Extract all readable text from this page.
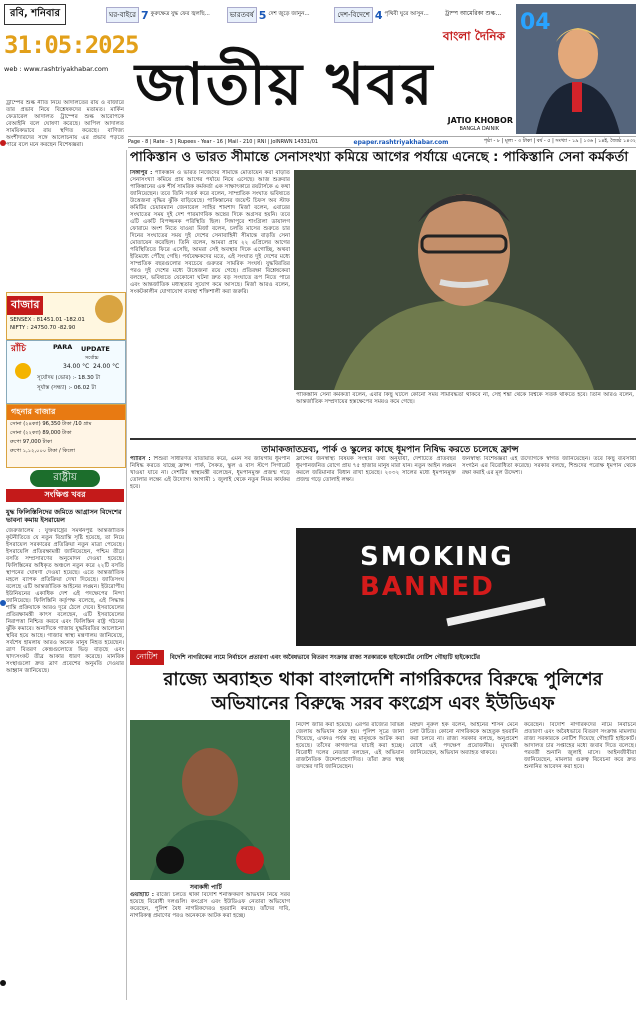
রবি, শনিবার
31:05:2025
web : www.rashtriyakhabar.com
ঘর-বাইরে 7 কুরুক্ষেত্র যুদ্ধ ফের জ্বলছি...	ভারতবর্ষ 5 দেশ জুড়ে জানুন...	দেশ-বিদেশে 4 পৃথিবী ঘুরে আসুন...	ট্রাম্প আমেরিকা শুল্ক...
বাংলা দৈনিক
জাতীয় খবর
JATIO KHOBOR
BANGLA DAINIK
04
Page - 8 | Rate - 3 | Rupees - Year - 16 | Mail - 210 | RNI | JoINRWN 14331/01	epaper.rashtriyakhabar.com	পৃষ্ঠা - ৮ | মূল্য - ৩ টাকা | বর্ষ - ৫ | সংখ্যা - ১৯ | ১৩৬ | ১৪ই, জ্যৈষ্ঠ ১৪৩২
ট্রাম্পের শুল্ক নীতি নিয়ে আদালতের রায় ও বাজারে তার প্রভাব নিয়ে বিশ্লেষকদের মতামত। মার্কিন ফেডারেল আদালত ট্রাম্পের শুল্ক আরোপকে বেআইনি বলে ঘোষণা করেছে। আপিল আদালত সাময়িকভাবে রায় স্থগিত করেছে। বাণিজ্য অংশীদারদের সঙ্গে আলোচনায় এর প্রভাব পড়তে পারে বলে মনে করছেন বিশেষজ্ঞরা।
বাজার
SENSEX : 81451.01 -182.01
NIFTY : 24750.70 -82.90
রাঁচি	PARA UPDATE
সর্বোচ্চ
34.00 °C 24.00 °C
সূর্যোদয় (ভোর) :- 18.30 টা
সূর্যাস্ত (সন্ধ্যা) :- 06.02 টা
গহনার বাজার
সোনা (২৪ক্যা) 96,350 টাকা /10 গ্রাম
সোনা (২২ক্যা) 89,000 টাকা
রুপো 97,000 টাকা
রুপো ১,১২,০০০ টাকা / কিলো
রাষ্ট্রীয়
সংক্ষিপ্ত খবর
যুদ্ধ ফিলিস্তিনিদের জমিতে আগ্রাসন বিদেশের ভাবনা কমায় ইসরায়েল
জেরুজালেম : যুক্তরাষ্ট্রের সমর্থনপুষ্ট আন্তর্জাতিক কূটনীতিতে যে নতুন বিভ্রান্তি সৃষ্টি হয়েছে, তা নিয়ে ইসরায়েল সরকারের প্রতিক্রিয়া নতুন মাত্রা পেয়েছে। ইসরায়েলি প্রতিরক্ষামন্ত্রী জানিয়েছেন, পশ্চিম তীরে বসতি সম্প্রসারণের অনুমোদন দেওয়া হয়েছে। ফিলিস্তিনের অধিকৃত অঞ্চলে নতুন করে ২২টি বসতি স্থাপনের ঘোষণা দেওয়া হয়েছে। এতে আন্তর্জাতিক মহলে ব্যাপক প্রতিক্রিয়া দেখা দিয়েছে। জাতিসংঘ বলেছে এটি আন্তর্জাতিক আইনের লঙ্ঘন। ইউরোপীয় ইউনিয়নের একাধিক দেশ এই পদক্ষেপের নিন্দা জানিয়েছে। ফিলিস্তিনি কর্তৃপক্ষ বলেছে, এই সিদ্ধান্ত শান্তি প্রক্রিয়াকে আরও দূরে ঠেলে দেবে। ইসরায়েলের প্রতিরক্ষামন্ত্রী কাৎস বলেছেন, এটি ইসরায়েলের নিরাপত্তা নিশ্চিত করবে এবং ফিলিস্তিন রাষ্ট্র গঠনের ঝুঁকি কমাবে। অন্যদিকে গাজায় যুদ্ধবিরতির আলোচনা স্থবির হয়ে আছে। গাজার স্বাস্থ্য মন্ত্রণালয় জানিয়েছে, সর্বশেষ হামলায় আরও অনেক মানুষ নিহত হয়েছেন। ত্রাণ বিতরণ কেন্দ্রগুলোতে ভিড় বাড়ছে এবং খাদ্যসংকট তীব্র আকার ধারণ করেছে। মানবিক সংস্থাগুলো দ্রুত ত্রাণ প্রবেশের অনুমতি দেওয়ার আহ্বান জানিয়েছে।
পাকিস্তান ও ভারত সীমান্তে সেনাসংখ্যা কমিয়ে আগের পর্যায়ে এনেছে : পাকিস্তানি সেনা কর্মকর্তা
সিঙ্গাপুর : পাকিস্তান ও ভারত নিজেদের সীমান্তে মোতায়েন করা বাড়তি সেনাসংখ্যা কমিয়ে প্রায় আগের পর্যায়ে নিয়ে এসেছে। আজ শুক্রবার পাকিস্তানের এক শীর্ষ সামরিক কর্মকর্তা এক সাক্ষাৎকারে রয়টার্সকে এ কথা জানিয়েছেন। তবে তিনি সতর্ক করে বলেন, সাম্প্রতিক সংঘাত ভবিষ্যতে উত্তেজনা বৃদ্ধির ঝুঁকি বাড়িয়েছে। পাকিস্তানের জয়েন্ট চিফস অব স্টাফ কমিটির চেয়ারম্যান জেনারেল সাহির শামশাদ মির্জা বলেন, এবারের সংঘাতের সময় দুই দেশ পারমাণবিক অস্ত্রের দিকে অগ্রসর হয়নি। তবে এটি একটি বিপজ্জনক পরিস্থিতি ছিল। সিঙ্গাপুরে শাংগ্রিলা ডায়ালগ ফোরামে অংশ নিতে যাওয়া মির্জা বলেন, চলতি মাসের শুরুতে চার দিনের সংঘাতের সময় দুই দেশের সেনাবাহিনী সীমান্তে বাড়তি সেনা মোতায়েন করেছিল। তিনি বলেন, আমরা প্রায় ২২ এপ্রিলের আগের পরিস্থিতিতে ফিরে এসেছি, আমরা সেই অবস্থার দিকে এগোচ্ছি, অথবা ইতিমধ্যে পৌঁছে গেছি। পর্যবেক্ষকদের মতে, এই সংঘাত দুই দেশের মধ্যে সাম্প্রতিক বছরগুলোর সবচেয়ে গুরুতর সামরিক সংঘর্ষ। যুদ্ধবিরতির পরও দুই দেশের মধ্যে উত্তেজনা রয়ে গেছে। প্রতিরক্ষা বিশ্লেষকেরা বলছেন, ভবিষ্যতে যেকোনো ঘটনা দ্রুত বড় সংঘাতে রূপ নিতে পারে এবং আন্তর্জাতিক মধ্যস্থতার সুযোগ কমে আসছে। মির্জা আরও বলেন, সংকটকালীন যোগাযোগ ব্যবস্থা শক্তিশালী করা জরুরি।
পাকিস্তানি সেনা কর্মকর্তা বলেন, এবার কিছু ঘটলে কোনো সময় সীমাবদ্ধতা থাকবে না, সেই শঙ্কা থেকে বিশ্বকে সতর্ক থাকতে হবে। তিনি আরও বলেন, আন্তর্জাতিক সম্প্রদায়ের হস্তক্ষেপের সময়ও কমে গেছে।
তামাকজাতদ্রব্য, পার্ক ও স্কুলের কাছে ধূমপান নিষিদ্ধ করতে চলেছে ফ্রান্স
প্যারিস : শিশুরা সাধারণত যাতায়াত করে, এমন সব জায়গায় ধূমপান নিষিদ্ধ করতে যাচ্ছে ফ্রান্স। পার্ক, সৈকত, স্কুল ও বাস স্টপে সিগারেট খাওয়া যাবে না। দেশটির স্বাস্থ্যমন্ত্রী বলেছেন, ধূমপানমুক্ত প্রজন্ম গড়ে তোলার লক্ষ্যে এই উদ্যোগ। আগামী ১ জুলাই থেকে নতুন নিয়ম কার্যকর হবে।
ফ্রান্সের জনস্বাস্থ্য বিষয়ক সংস্থার তথ্য অনুযায়ী, দেশটিতে প্রতিবছর ধূমপানজনিত রোগে প্রায় ৭৫ হাজার মানুষ মারা যান। নতুন আইন লঙ্ঘন করলে জরিমানার বিধান রাখা হয়েছে। ২০৩২ সালের মধ্যে ধূমপানমুক্ত প্রজন্ম গড়ে তোলাই লক্ষ্য।
জনস্বাস্থ্য বিশেষজ্ঞরা এই উদ্যোগকে স্বাগত জানিয়েছেন। তবে কিছু ব্যবসায়ী সংগঠন এর বিরোধিতা করেছে। সরকার বলছে, শিশুদের পরোক্ষ ধূমপান থেকে রক্ষা করাই এর মূল উদ্দেশ্য।
SMOKING
BANNED
নোটিশ	বিদেশি নাগরিকের নামে নির্বাচনে প্রতারণা এবং অবৈধভাবে বিতরণ সংক্রান্ত রাজ্য সরকারকে হাইকোর্টের নোটিশ গৌহাটি হাইকোর্টের
রাজ্যে অব্যাহত থাকা বাংলাদেশি নাগরিকদের বিরুদ্ধে পুলিশের অভিযানের বিরুদ্ধে সরব কংগ্রেস এবং ইউডিএফ
সবাকঙ্গী পার্টি
গুয়াহাটি : রাজ্যে চলতে থাকা বিদেশি শনাক্তকরণ অভিযান নিয়ে সরব হয়েছে বিরোধী দলগুলি। কংগ্রেস এবং ইউডিএফ নেতারা অভিযোগ করেছেন, পুলিশ বৈধ নাগরিকদেরও হয়রানি করছে। তাঁদের দাবি, নাগরিকত্ব প্রমাণের পরও অনেককে আটক করা হচ্ছে।
নির্দেশ জারি করা হয়েছে। এরপর রাজ্যের বিভিন্ন জেলায় অভিযান শুরু হয়। পুলিশ সূত্রে জানা গিয়েছে, এখনও পর্যন্ত বহু মানুষকে আটক করা হয়েছে। তাঁদের কাগজপত্র যাচাই করা হচ্ছে। বিরোধী দলের নেতারা বলছেন, এই অভিযান রাজনৈতিক উদ্দেশ্যপ্রণোদিত। তাঁরা দ্রুত স্বচ্ছ তদন্তের দাবি জানিয়েছেন।
মহম্মদ নূরুল হক বলেন, আইনের শাসন মেনে চলা উচিত। কোনো নাগরিককে অহেতুক হয়রানি করা চলবে না। রাজ্য সরকার বলছে, অনুপ্রবেশ রোধে এই পদক্ষেপ প্রয়োজনীয়। মুখ্যমন্ত্রী জানিয়েছেন, অভিযান অব্যাহত থাকবে।
করেছেন। বিদেশি নাগরিকদের নামে নির্বাচনে প্রতারণা এবং অবৈধভাবে বিতরণ সংক্রান্ত মামলায় রাজ্য সরকারকে নোটিশ দিয়েছে গৌহাটি হাইকোর্ট। আদালত চার সপ্তাহের মধ্যে জবাব দিতে বলেছে। পরবর্তী শুনানি জুলাই মাসে। আইনজীবীরা জানিয়েছেন, মামলার গুরুত্ব বিবেচনা করে দ্রুত শুনানির আবেদন করা হবে।
